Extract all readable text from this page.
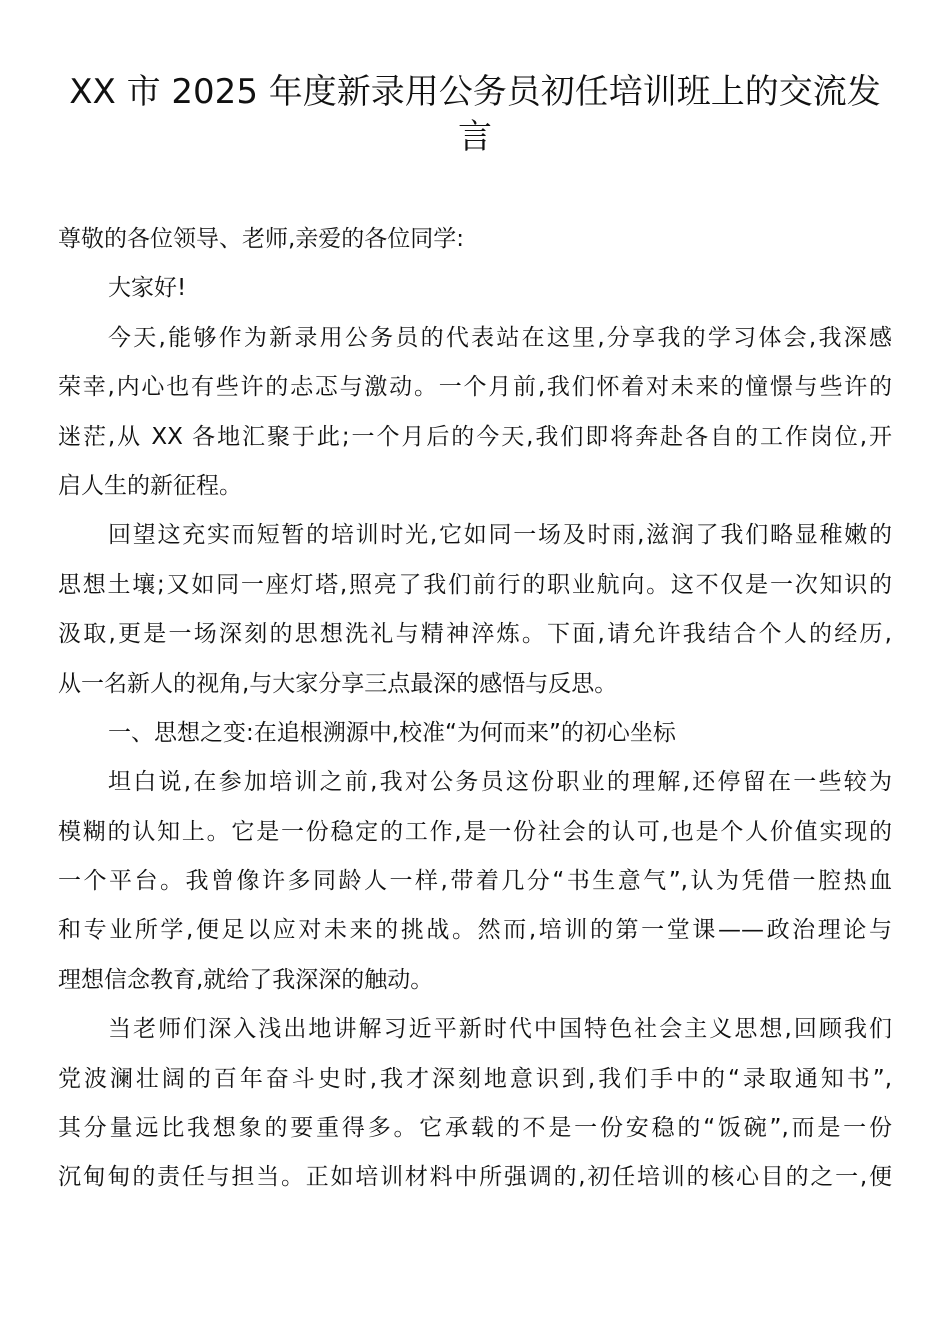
XX 市 2025 年度新录用公务员初任培训班上的交流发
言
尊敬的各位领导、老师,亲爱的各位同学:
大家好!
今天,能够作为新录用公务员的代表站在这里,分享我的学习体会,我深感
荣幸,内心也有些许的忐忑与激动。一个月前,我们怀着对未来的憧憬与些许的
迷茫,从 XX 各地汇聚于此;一个月后的今天,我们即将奔赴各自的工作岗位,开
启人生的新征程。
回望这充实而短暂的培训时光,它如同一场及时雨,滋润了我们略显稚嫩的
思想土壤;又如同一座灯塔,照亮了我们前行的职业航向。这不仅是一次知识的
汲取,更是一场深刻的思想洗礼与精神淬炼。下面,请允许我结合个人的经历,
从一名新人的视角,与大家分享三点最深的感悟与反思。
一、思想之变:在追根溯源中,校准“为何而来”的初心坐标
坦白说,在参加培训之前,我对公务员这份职业的理解,还停留在一些较为
模糊的认知上。它是一份稳定的工作,是一份社会的认可,也是个人价值实现的
一个平台。我曾像许多同龄人一样,带着几分“书生意气”,认为凭借一腔热血
和专业所学,便足以应对未来的挑战。然而,培训的第一堂课——政治理论与
理想信念教育,就给了我深深的触动。
当老师们深入浅出地讲解习近平新时代中国特色社会主义思想,回顾我们
党波澜壮阔的百年奋斗史时,我才深刻地意识到,我们手中的“录取通知书”,
其分量远比我想象的要重得多。它承载的不是一份安稳的“饭碗”,而是一份
沉甸甸的责任与担当。正如培训材料中所强调的,初任培训的核心目的之一,便
